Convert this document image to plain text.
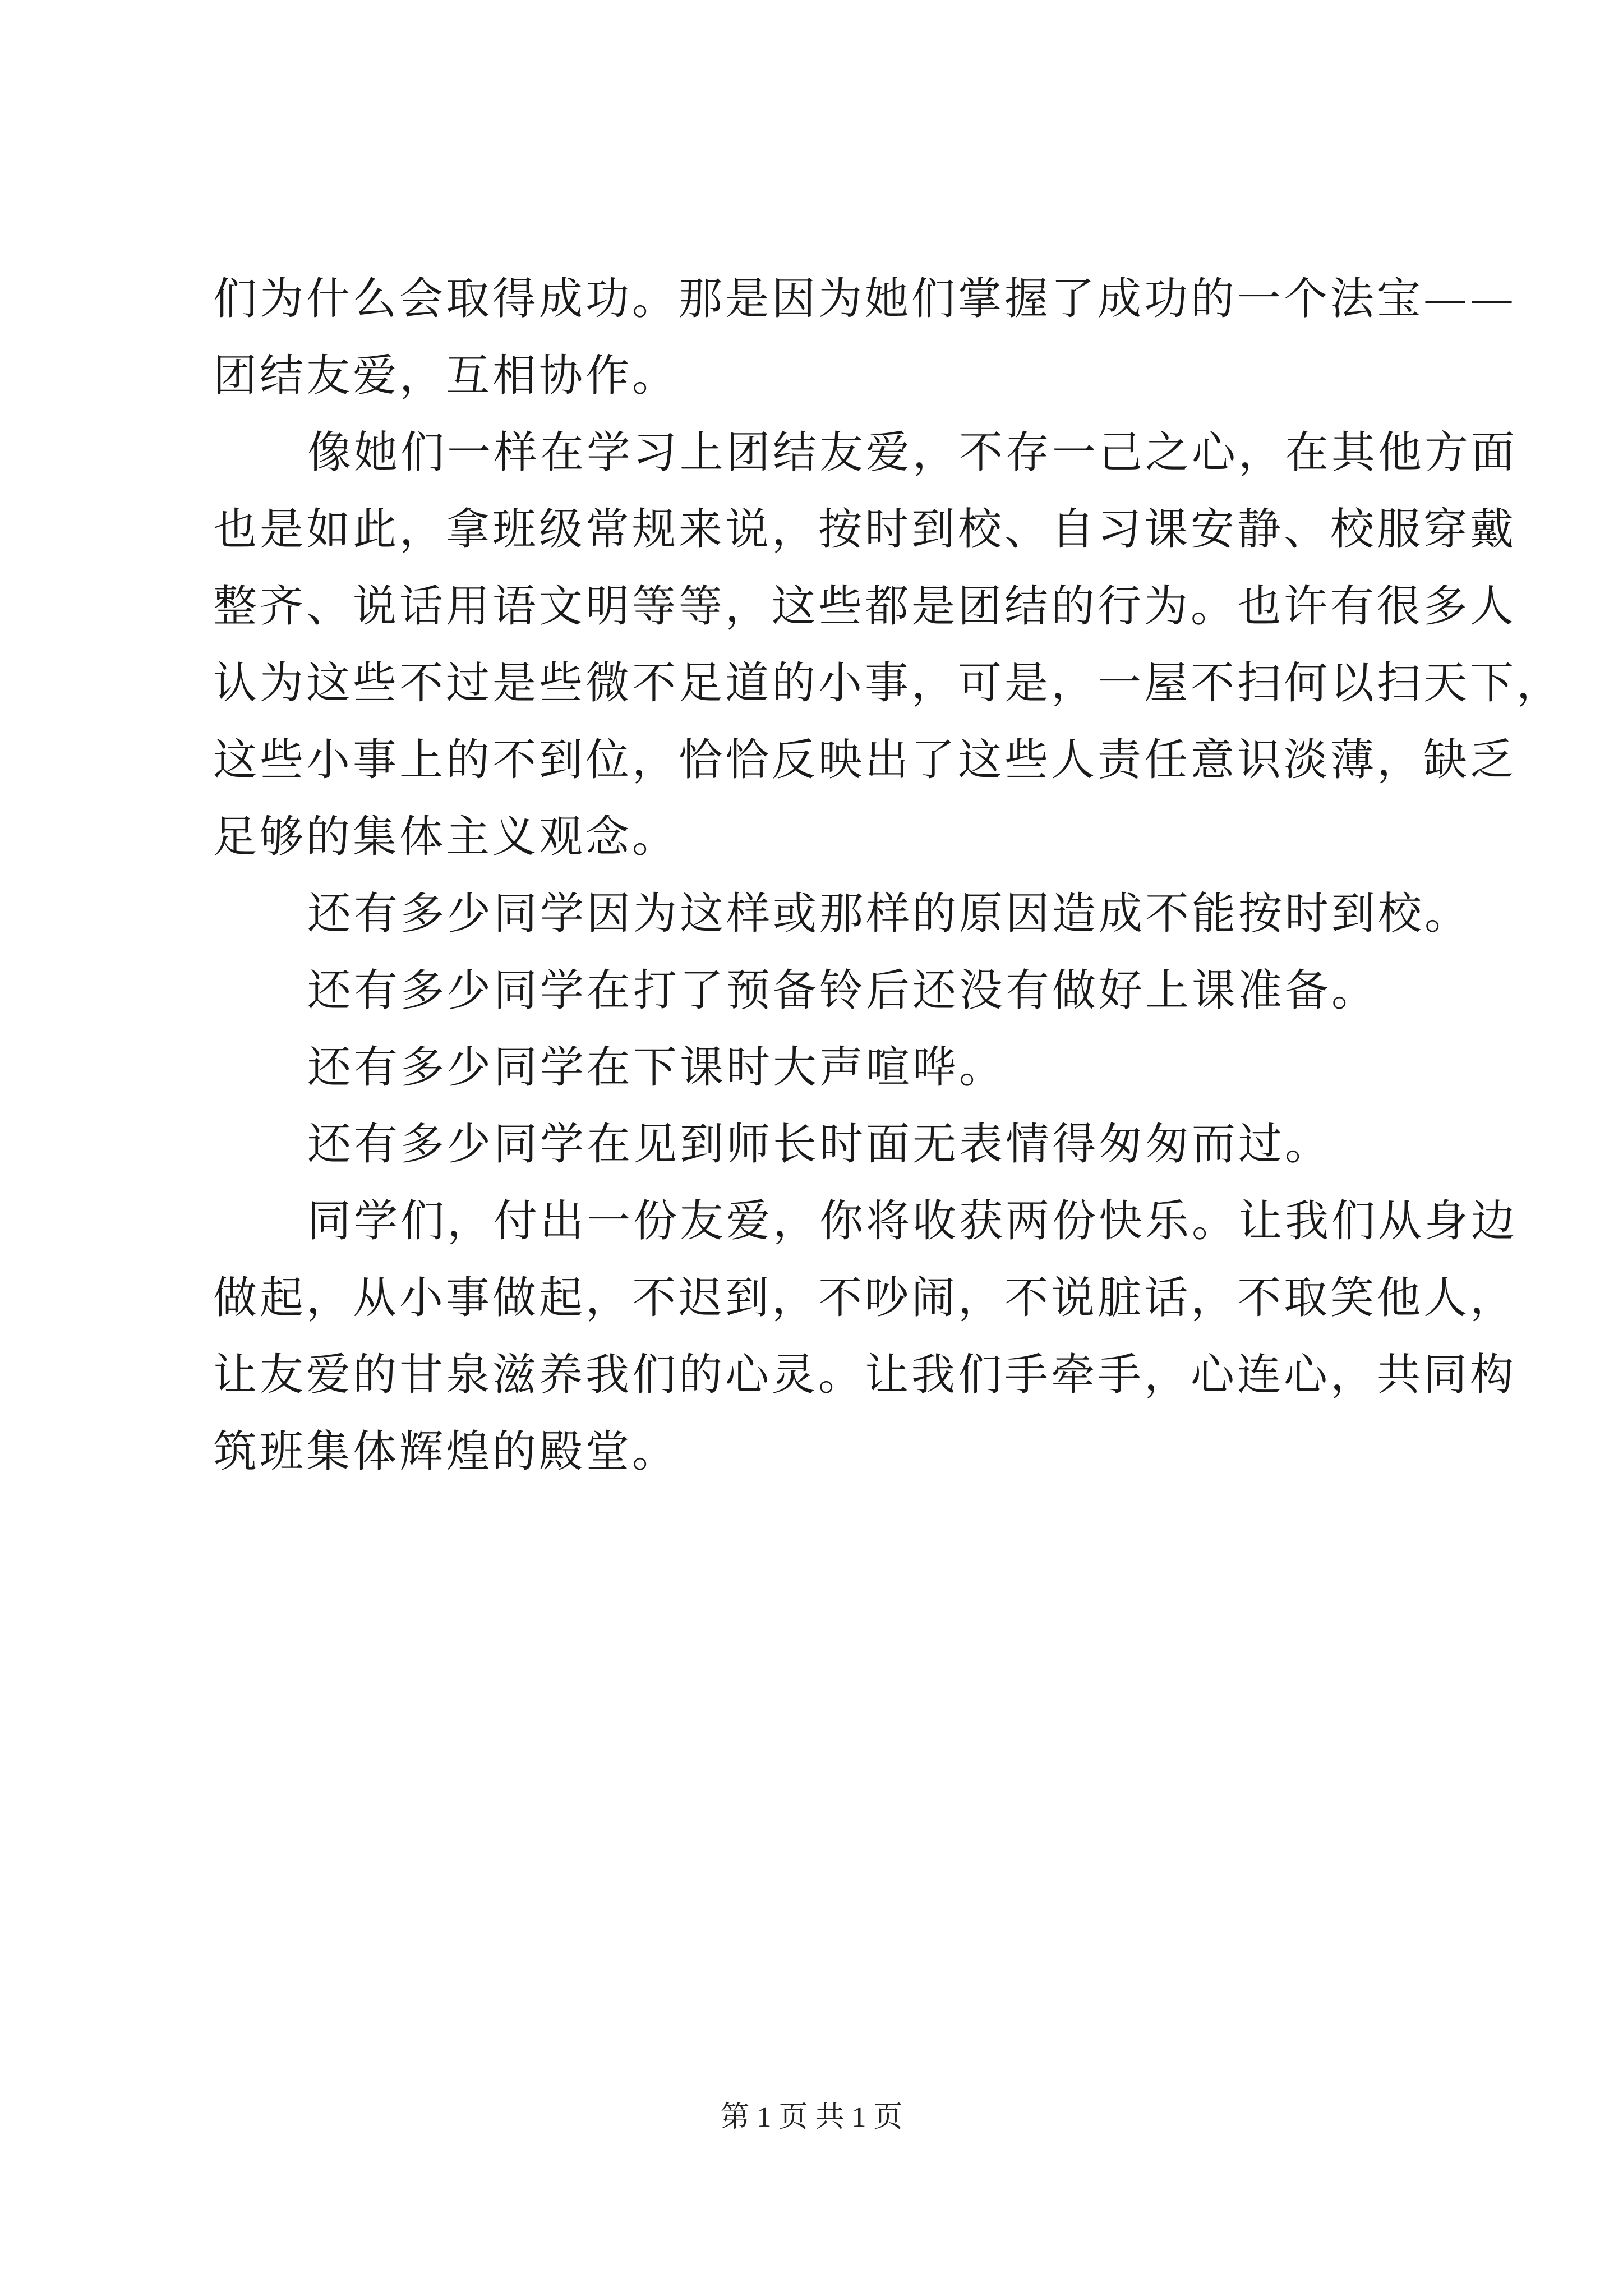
们为什么会取得成功。那是因为她们掌握了成功的一个法宝——
团结友爱，互相协作。
像她们一样在学习上团结友爱，不存一己之心，在其他方面
也是如此，拿班级常规来说，按时到校、自习课安静、校服穿戴
整齐、说话用语文明等等，这些都是团结的行为。也许有很多人
认为这些不过是些微不足道的小事，可是，一屋不扫何以扫天下，
这些小事上的不到位，恰恰反映出了这些人责任意识淡薄，缺乏
足够的集体主义观念。
还有多少同学因为这样或那样的原因造成不能按时到校。
还有多少同学在打了预备铃后还没有做好上课准备。
还有多少同学在下课时大声喧哗。
还有多少同学在见到师长时面无表情得匆匆而过。
同学们，付出一份友爱，你将收获两份快乐。让我们从身边
做起，从小事做起，不迟到，不吵闹，不说脏话，不取笑他人，
让友爱的甘泉滋养我们的心灵。让我们手牵手，心连心，共同构
筑班集体辉煌的殿堂。
第 1 页 共 1 页
